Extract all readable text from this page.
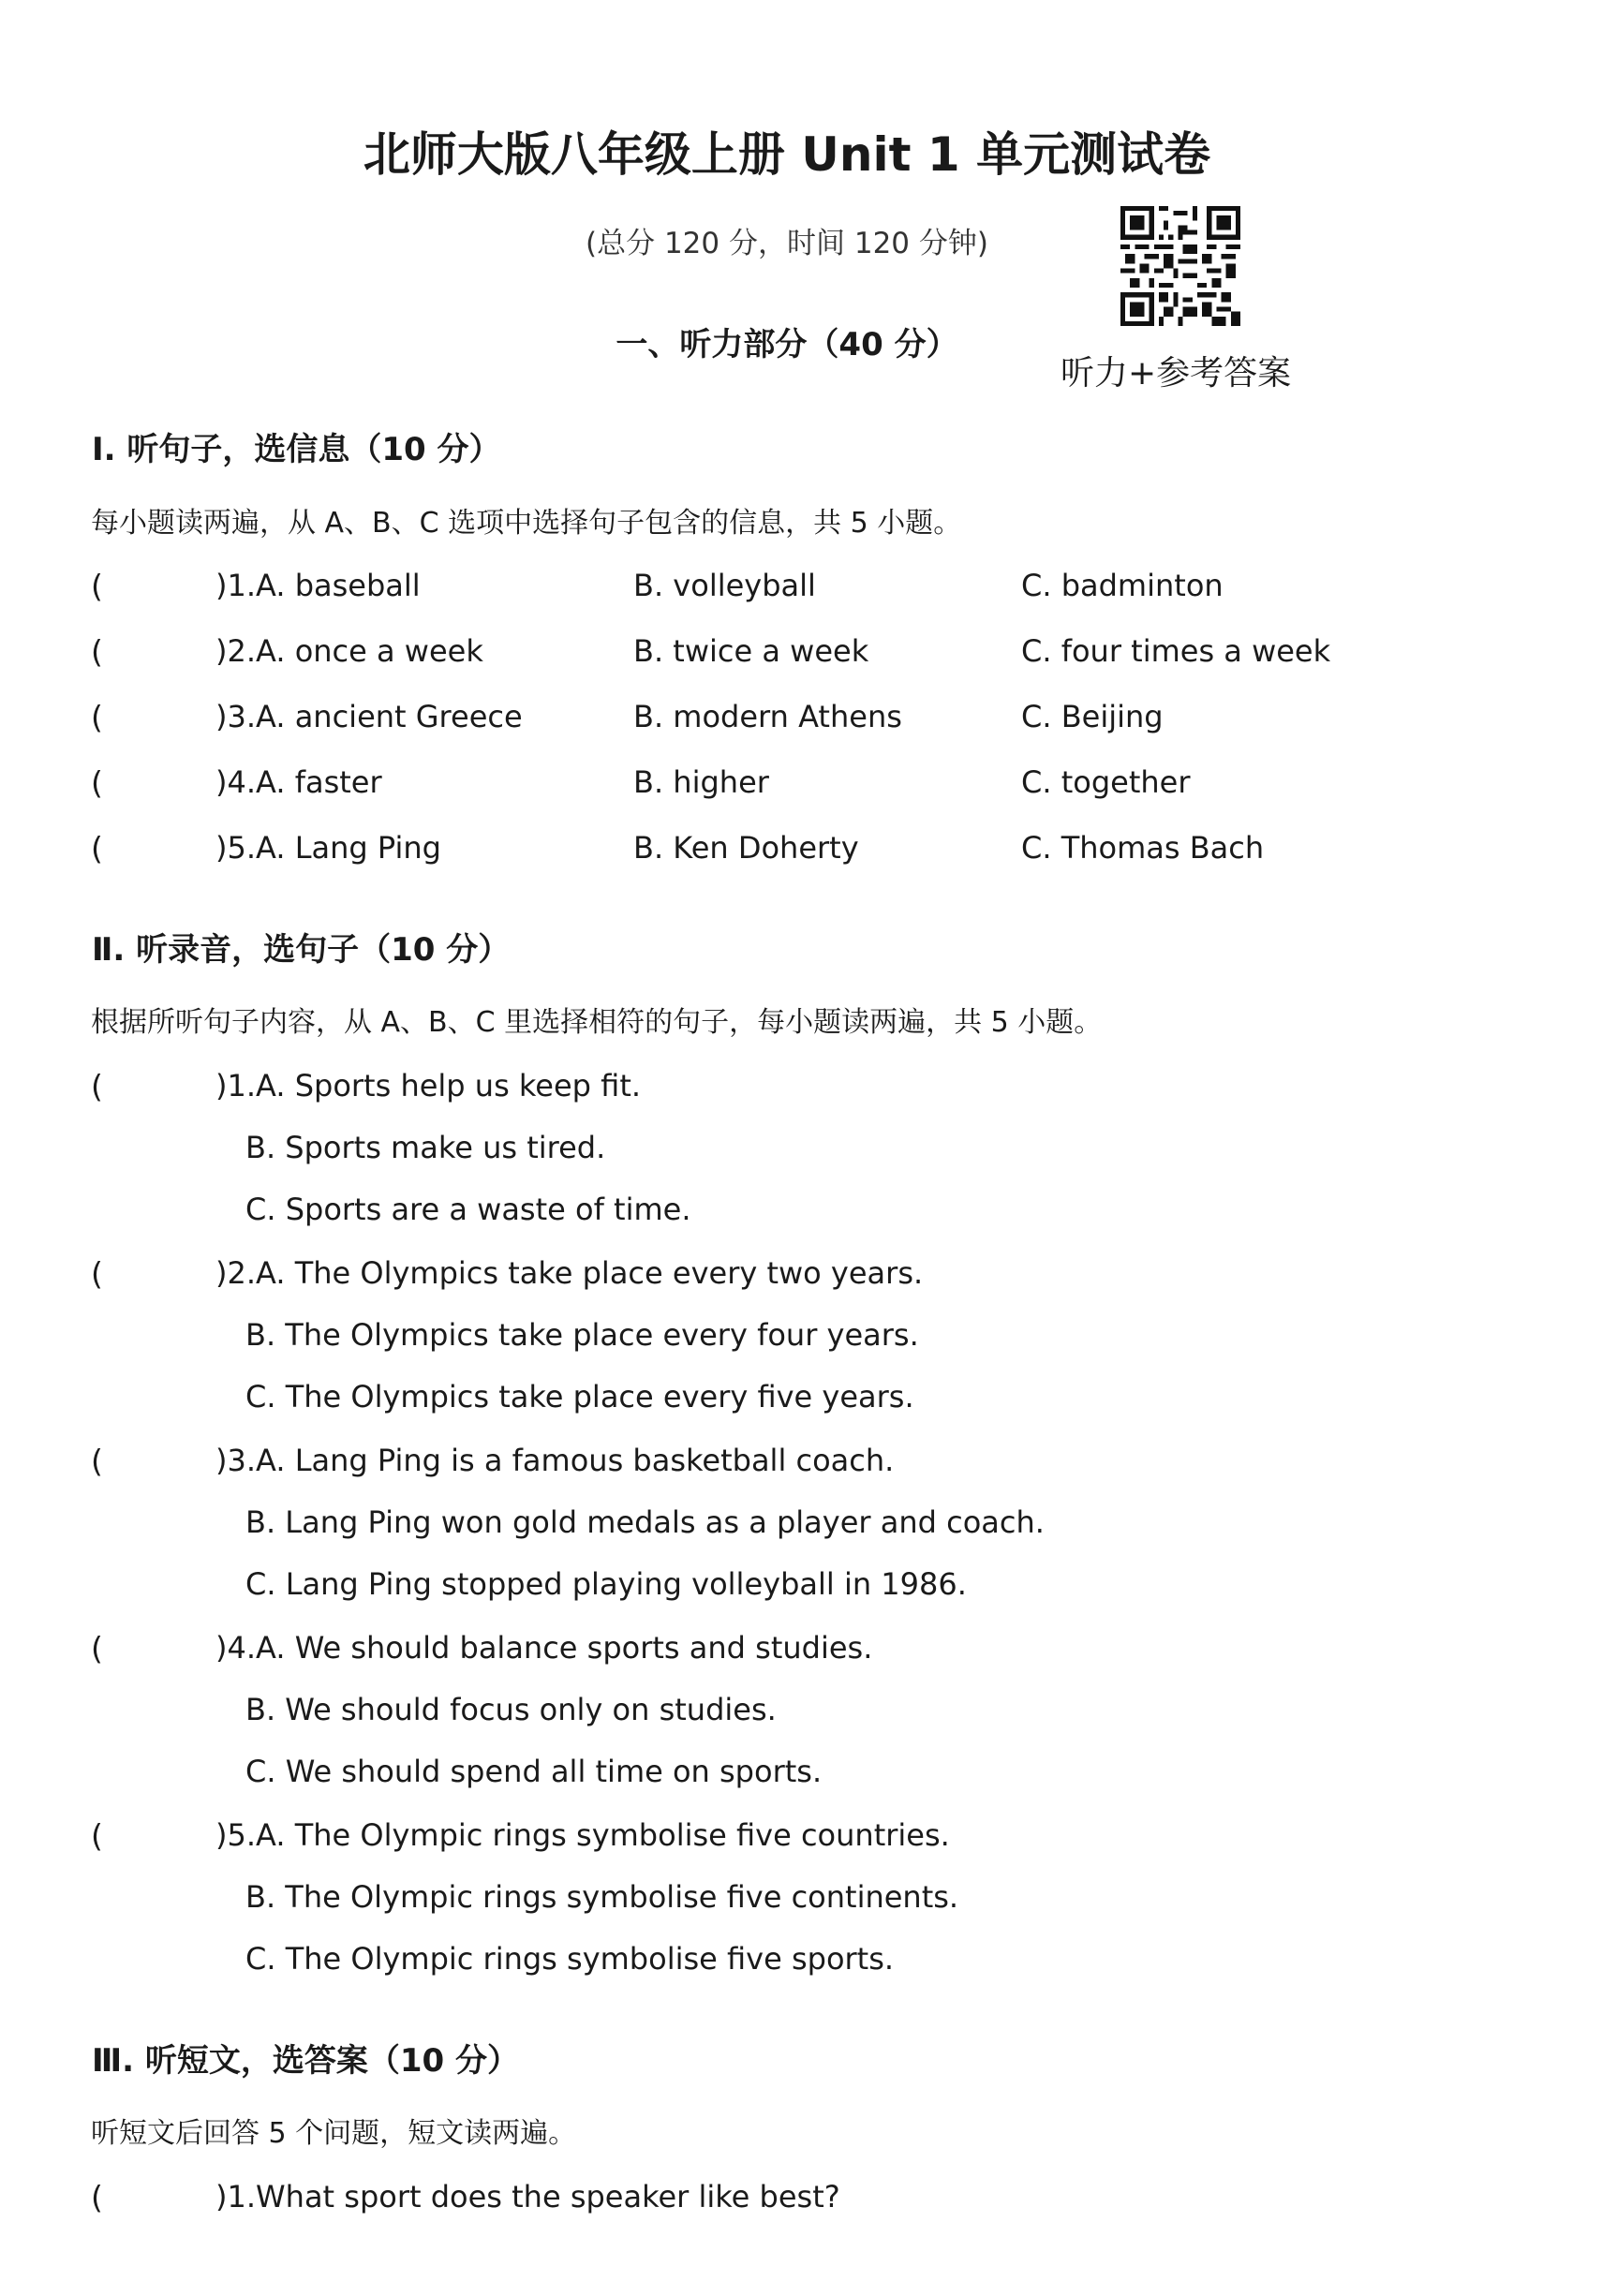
北师大版八年级上册 Unit 1 单元测试卷
(总分 120 分，时间 120 分钟)
一、听力部分（40 分）
听力+参考答案
Ⅰ. 听句子，选信息（10 分）
每小题读两遍，从 A、B、C 选项中选择句子包含的信息，共 5 小题。
(	)1.A. baseball	B. volleyball	C. badminton
(	)2.A. once a week	B. twice a week	C. four times a week
(	)3.A. ancient Greece	B. modern Athens	C. Beijing
(	)4.A. faster	B. higher	C. together
(	)5.A. Lang Ping	B. Ken Doherty	C. Thomas Bach
Ⅱ. 听录音，选句子（10 分）
根据所听句子内容，从 A、B、C 里选择相符的句子，每小题读两遍，共 5 小题。
(	)1.A. Sports help us keep fit.
B. Sports make us tired.
C. Sports are a waste of time.
(	)2.A. The Olympics take place every two years.
B. The Olympics take place every four years.
C. The Olympics take place every five years.
(	)3.A. Lang Ping is a famous basketball coach.
B. Lang Ping won gold medals as a player and coach.
C. Lang Ping stopped playing volleyball in 1986.
(	)4.A. We should balance sports and studies.
B. We should focus only on studies.
C. We should spend all time on sports.
(	)5.A. The Olympic rings symbolise five countries.
B. The Olympic rings symbolise five continents.
C. The Olympic rings symbolise five sports.
Ⅲ. 听短文，选答案（10 分）
听短文后回答 5 个问题，短文读两遍。
(	)1.What sport does the speaker like best?
